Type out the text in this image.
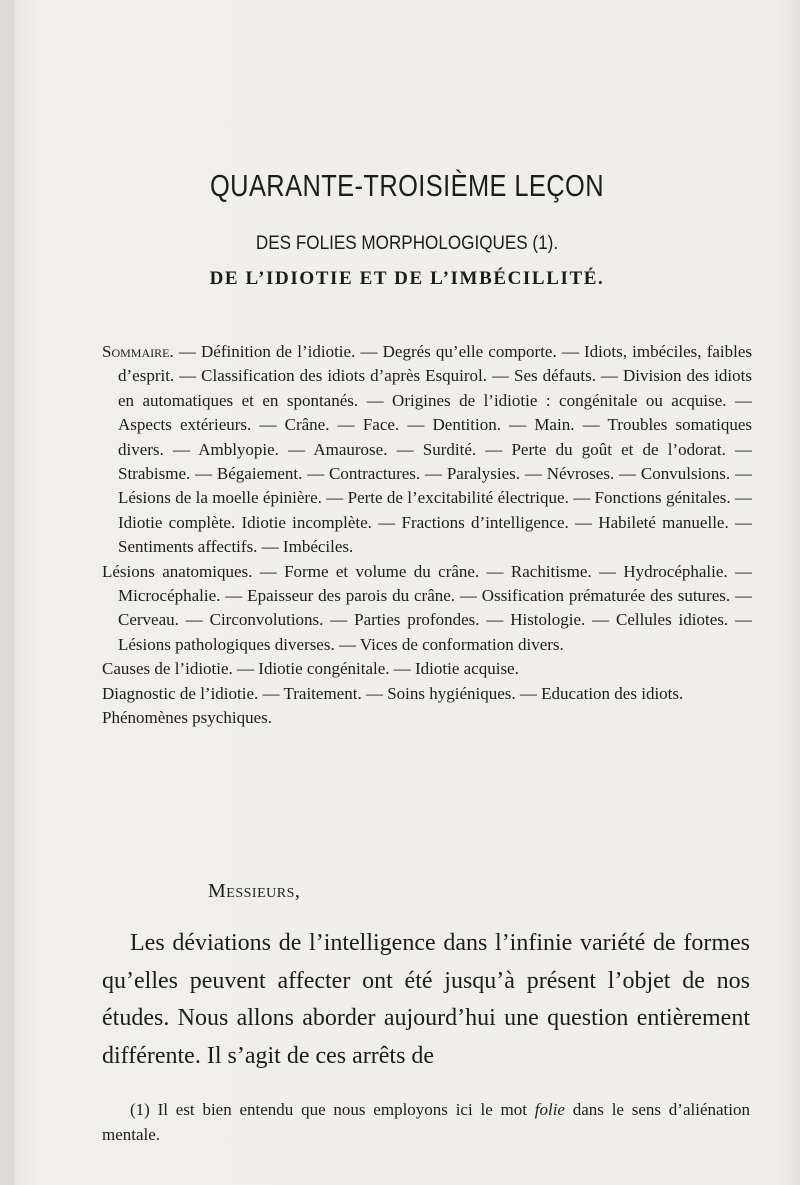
QUARANTE-TROISIÈME LEÇON
DES FOLIES MORPHOLOGIQUES (1).
DE L’IDIOTIE ET DE L’IMBÉCILLITÉ.

Sommaire. — Définition de l’idiotie. — Degrés qu’elle comporte. — Idiots, imbéciles, faibles d’esprit. — Classification des idiots d’après Esquirol. — Ses défauts. — Division des idiots en automatiques et en spontanés. — Origines de l’idiotie : congénitale ou acquise. — Aspects extérieurs. — Crâne. — Face. — Dentition. — Main. — Troubles somatiques divers. — Amblyopie. — Amaurose. — Surdité. — Perte du goût et de l’odorat. — Strabisme. — Bégaiement. — Contractures. — Paralysies. — Névroses. — Convulsions. — Lésions de la moelle épinière. — Perte de l’excitabilité électrique. — Fonctions génitales. — Idiotie complète. Idiotie incomplète. — Fractions d’intelligence. — Habileté manuelle. — Sentiments affectifs. — Imbéciles.

Lésions anatomiques. — Forme et volume du crâne. — Rachitisme. — Hydrocéphalie. — Microcéphalie. — Epaisseur des parois du crâne. — Ossification prématurée des sutures. — Cerveau. — Circonvolutions. — Parties profondes. — Histologie. — Cellules idiotes. — Lésions pathologiques diverses. — Vices de conformation divers.

Causes de l’idiotie. — Idiotie congénitale. — Idiotie acquise.

Diagnostic de l’idiotie. — Traitement. — Soins hygiéniques. — Education des idiots.

Phénomènes psychiques.

Messieurs,

Les déviations de l’intelligence dans l’infinie variété de formes qu’elles peuvent affecter ont été jusqu’à présent l’objet de nos études. Nous allons aborder aujourd’hui une question entièrement différente. Il s’agit de ces arrêts de

(1) Il est bien entendu que nous employons ici le mot folie dans le sens d’aliénation mentale.
